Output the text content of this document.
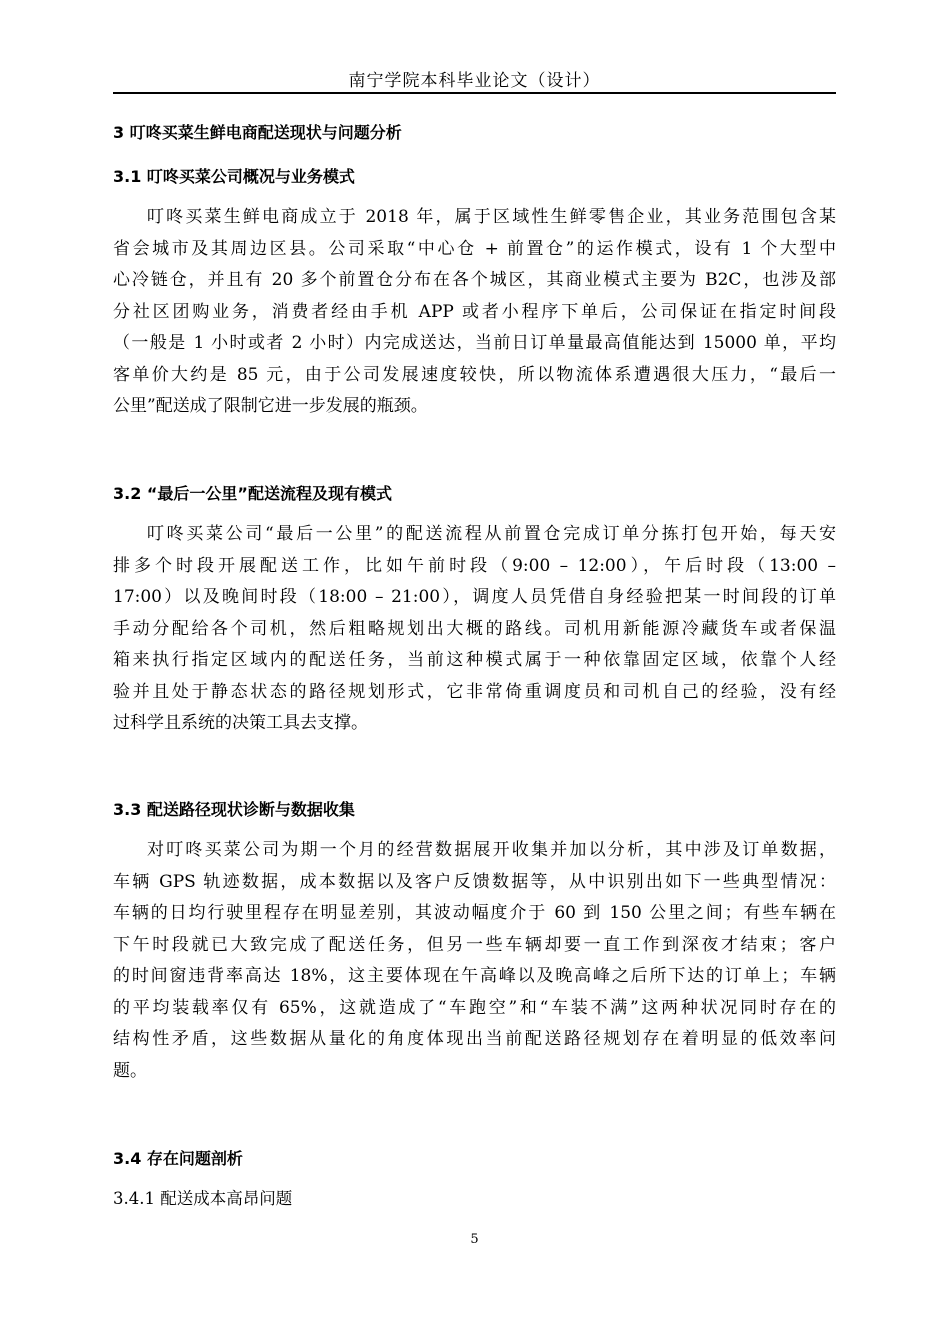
南宁学院本科毕业论文（设计）
3 叮咚买菜生鲜电商配送现状与问题分析
3.1 叮咚买菜公司概况与业务模式
叮咚买菜生鲜电商成立于 2018 年，属于区域性生鲜零售企业，其业务范围包含某
省会城市及其周边区县。公司采取“中心仓 + 前置仓”的运作模式，设有 1 个大型中
心冷链仓，并且有 20 多个前置仓分布在各个城区，其商业模式主要为 B2C，也涉及部
分社区团购业务，消费者经由手机 APP 或者小程序下单后，公司保证在指定时间段
（一般是 1 小时或者 2 小时）内完成送达，当前日订单量最高值能达到 15000 单，平均
客单价大约是 85 元，由于公司发展速度较快，所以物流体系遭遇很大压力，“最后一
公里”配送成了限制它进一步发展的瓶颈。
3.2 “最后一公里”配送流程及现有模式
叮咚买菜公司“最后一公里”的配送流程从前置仓完成订单分拣打包开始，每天安
排多个时段开展配送工作，比如午前时段（9:00 – 12:00），午后时段（13:00 –
17:00）以及晚间时段（18:00 – 21:00），调度人员凭借自身经验把某一时间段的订单
手动分配给各个司机，然后粗略规划出大概的路线。司机用新能源冷藏货车或者保温
箱来执行指定区域内的配送任务，当前这种模式属于一种依靠固定区域，依靠个人经
验并且处于静态状态的路径规划形式，它非常倚重调度员和司机自己的经验，没有经
过科学且系统的决策工具去支撑。
3.3 配送路径现状诊断与数据收集
对叮咚买菜公司为期一个月的经营数据展开收集并加以分析，其中涉及订单数据，
车辆 GPS 轨迹数据，成本数据以及客户反馈数据等，从中识别出如下一些典型情况：
车辆的日均行驶里程存在明显差别，其波动幅度介于 60 到 150 公里之间；有些车辆在
下午时段就已大致完成了配送任务，但另一些车辆却要一直工作到深夜才结束；客户
的时间窗违背率高达 18%，这主要体现在午高峰以及晚高峰之后所下达的订单上；车辆
的平均装载率仅有 65%，这就造成了“车跑空”和“车装不满”这两种状况同时存在的
结构性矛盾，这些数据从量化的角度体现出当前配送路径规划存在着明显的低效率问
题。
3.4 存在问题剖析
3.4.1 配送成本高昂问题
5
